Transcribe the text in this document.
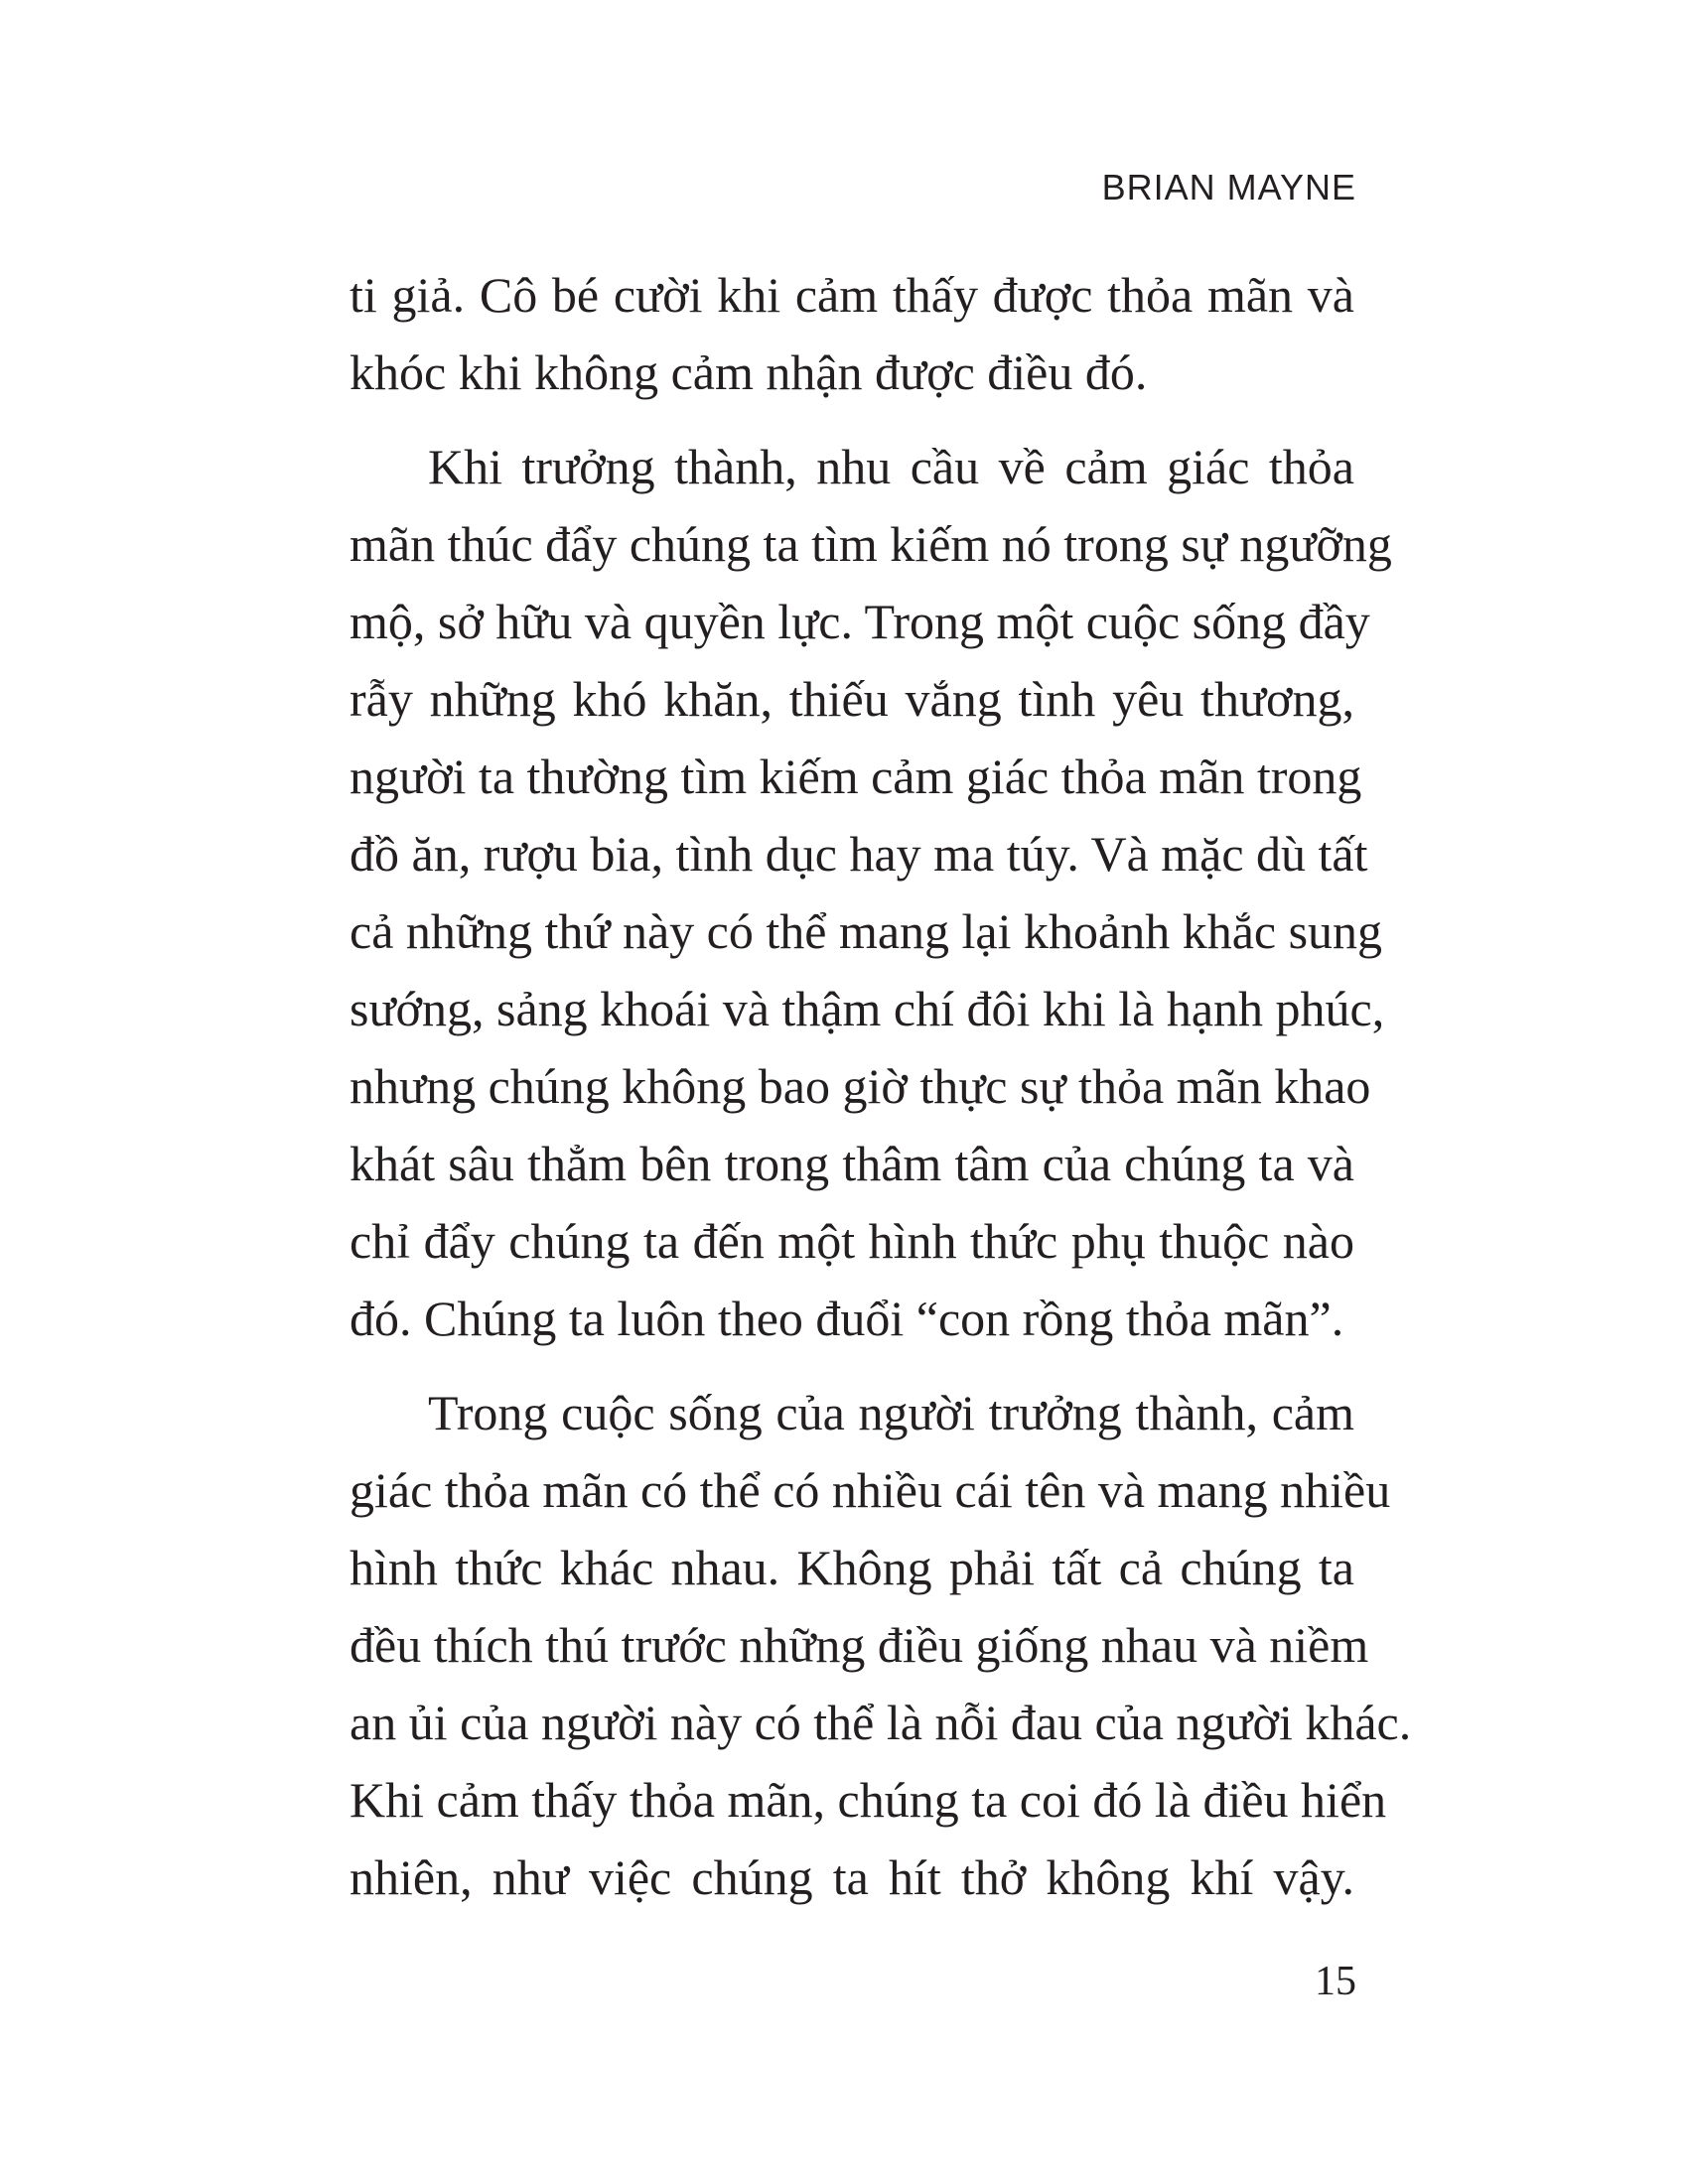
BRIAN MAYNE

ti giả. Cô bé cười khi cảm thấy được thỏa mãn và
khóc khi không cảm nhận được điều đó.

Khi trưởng thành, nhu cầu về cảm giác thỏa
mãn thúc đẩy chúng ta tìm kiếm nó trong sự ngưỡng
mộ, sở hữu và quyền lực. Trong một cuộc sống đầy
rẫy những khó khăn, thiếu vắng tình yêu thương,
người ta thường tìm kiếm cảm giác thỏa mãn trong
đồ ăn, rượu bia, tình dục hay ma túy. Và mặc dù tất
cả những thứ này có thể mang lại khoảnh khắc sung
sướng, sảng khoái và thậm chí đôi khi là hạnh phúc,
nhưng chúng không bao giờ thực sự thỏa mãn khao
khát sâu thẳm bên trong thâm tâm của chúng ta và
chỉ đẩy chúng ta đến một hình thức phụ thuộc nào
đó. Chúng ta luôn theo đuổi “con rồng thỏa mãn”.

Trong cuộc sống của người trưởng thành, cảm
giác thỏa mãn có thể có nhiều cái tên và mang nhiều
hình thức khác nhau. Không phải tất cả chúng ta
đều thích thú trước những điều giống nhau và niềm
an ủi của người này có thể là nỗi đau của người khác.
Khi cảm thấy thỏa mãn, chúng ta coi đó là điều hiển
nhiên, như việc chúng ta hít thở không khí vậy.

15
